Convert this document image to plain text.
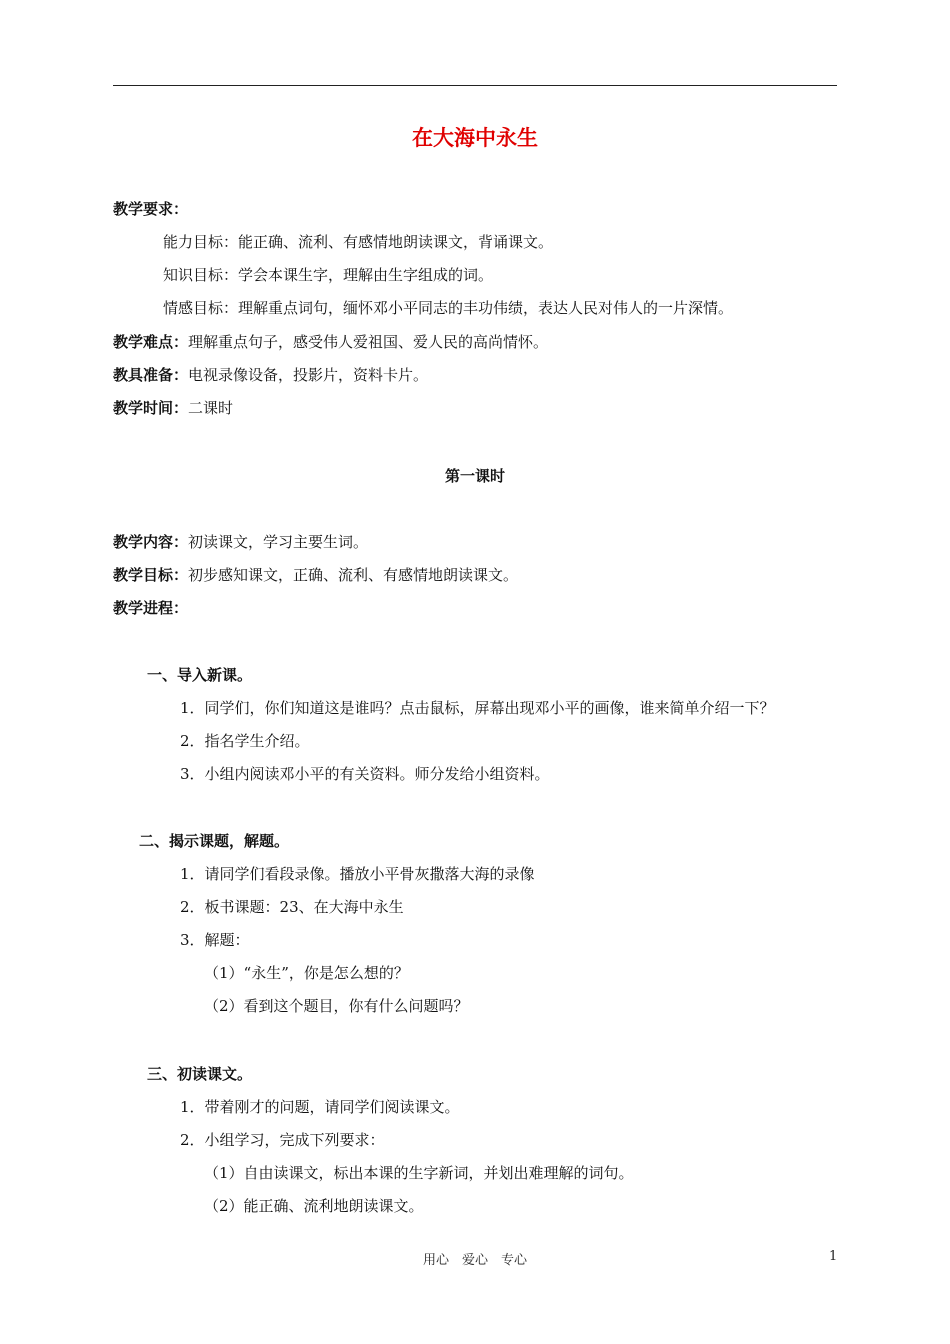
在大海中永生
教学要求：
能力目标：能正确、流利、有感情地朗读课文，背诵课文。
知识目标：学会本课生字，理解由生字组成的词。
情感目标：理解重点词句，缅怀邓小平同志的丰功伟绩，表达人民对伟人的一片深情。
教学难点：理解重点句子，感受伟人爱祖国、爱人民的高尚情怀。
教具准备：电视录像设备，投影片，资料卡片。
教学时间：二课时
第一课时
教学内容：初读课文，学习主要生词。
教学目标：初步感知课文，正确、流利、有感情地朗读课文。
教学进程：
一、导入新课。
1．同学们，你们知道这是谁吗？点击鼠标，屏幕出现邓小平的画像，谁来简单介绍一下？
2．指名学生介绍。
3．小组内阅读邓小平的有关资料。师分发给小组资料。
二、揭示课题，解题。
1．请同学们看段录像。播放小平骨灰撒落大海的录像
2．板书课题：23、在大海中永生
3．解题：
（1）“永生”，你是怎么想的？
（2）看到这个题目，你有什么问题吗？
三、初读课文。
1．带着刚才的问题，请同学们阅读课文。
2．小组学习，完成下列要求：
（1）自由读课文，标出本课的生字新词，并划出难理解的词句。
（2）能正确、流利地朗读课文。
用心　爱心　专心	1
